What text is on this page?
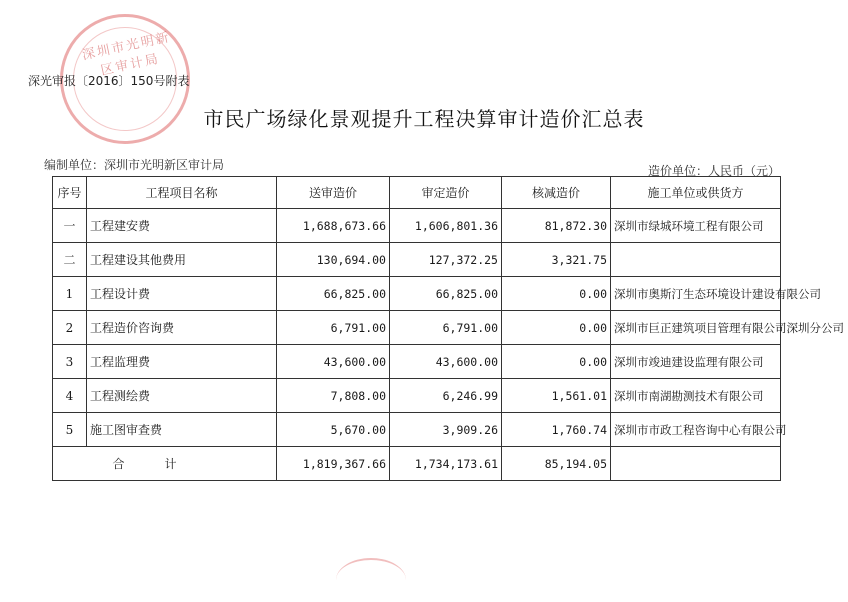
深圳市光明新区审计局
深光审报〔2016〕150号附表
市民广场绿化景观提升工程决算审计造价汇总表
编制单位：深圳市光明新区审计局	造价单位：人民币（元）
序号	工程项目名称	送审造价	审定造价	核减造价	施工单位或供货方
一	工程建安费	1,688,673.66	1,606,801.36	81,872.30	深圳市绿城环境工程有限公司
二	工程建设其他费用	130,694.00	127,372.25	3,321.75	
1	工程设计费	66,825.00	66,825.00	0.00	深圳市奥斯汀生态环境设计建设有限公司
2	工程造价咨询费	6,791.00	6,791.00	0.00	深圳市巨正建筑项目管理有限公司深圳分公司
3	工程监理费	43,600.00	43,600.00	0.00	深圳市竣迪建设监理有限公司
4	工程测绘费	7,808.00	6,246.99	1,561.01	深圳市南湖勘测技术有限公司
5	施工图审查费	5,670.00	3,909.26	1,760.74	深圳市市政工程咨询中心有限公司
合计		1,819,367.66	1,734,173.61	85,194.05	
